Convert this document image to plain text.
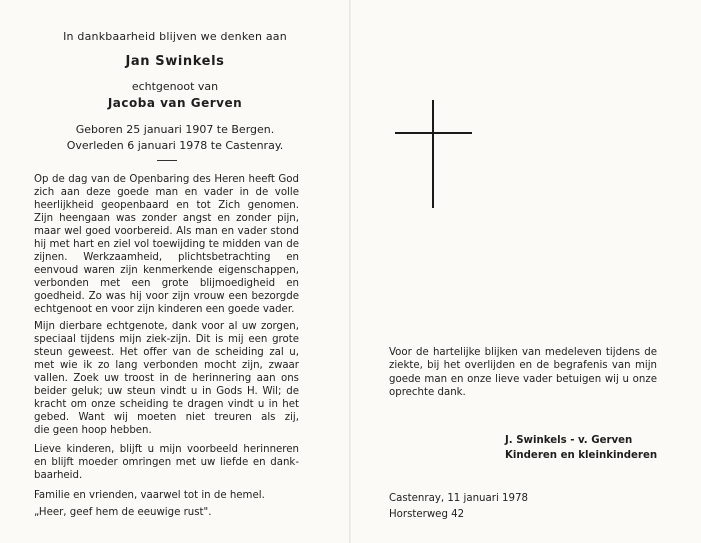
In dankbaarheid blijven we denken aan
Jan Swinkels
echtgenoot van
Jacoba van Gerven
Geboren 25 januari 1907 te Bergen.
Overleden 6 januari 1978 te Castenray.
Op de dag van de Openbaring des Heren heeft God zich aan deze goede man en vader in de volle heerlijkheid geopenbaard en tot Zich genomen. Zijn heengaan was zonder angst en zonder pijn, maar wel goed voorbereid. Als man en vader stond hij met hart en ziel vol toewijding te midden van de zijnen. Werkzaamheid, plichtsbetrachting en eenvoud waren zijn kenmerkende eigenschappen, verbonden met een grote blijmoedigheid en goedheid. Zo was hij voor zijn vrouw een bezorgde
echtgenoot en voor zijn kinderen een goede vader.
Mijn dierbare echtgenote, dank voor al uw zorgen, speciaal tijdens mijn ziek-zijn. Dit is mij een grote steun geweest. Het offer van de scheiding zal u, met wie ik zo lang verbonden mocht zijn, zwaar vallen. Zoek uw troost in de herinnering aan ons beider geluk; uw steun vindt u in Gods H. Wil; de kracht om onze scheiding te dragen vindt u in het gebed. Want wij moeten niet treuren als zij,
die geen hoop hebben.
Lieve kinderen, blijft u mijn voorbeeld herinneren en blijft moeder omringen met uw liefde en dank-
baarheid.
Familie en vrienden, vaarwel tot in de hemel.
„Heer, geef hem de eeuwige rust".
Voor de hartelijke blijken van medeleven tijdens de ziekte, bij het overlijden en de begrafenis van mijn goede man en onze lieve vader betuigen wij u onze oprechte dank.
J. Swinkels - v. Gerven
Kinderen en kleinkinderen
Castenray, 11 januari 1978
Horsterweg 42
